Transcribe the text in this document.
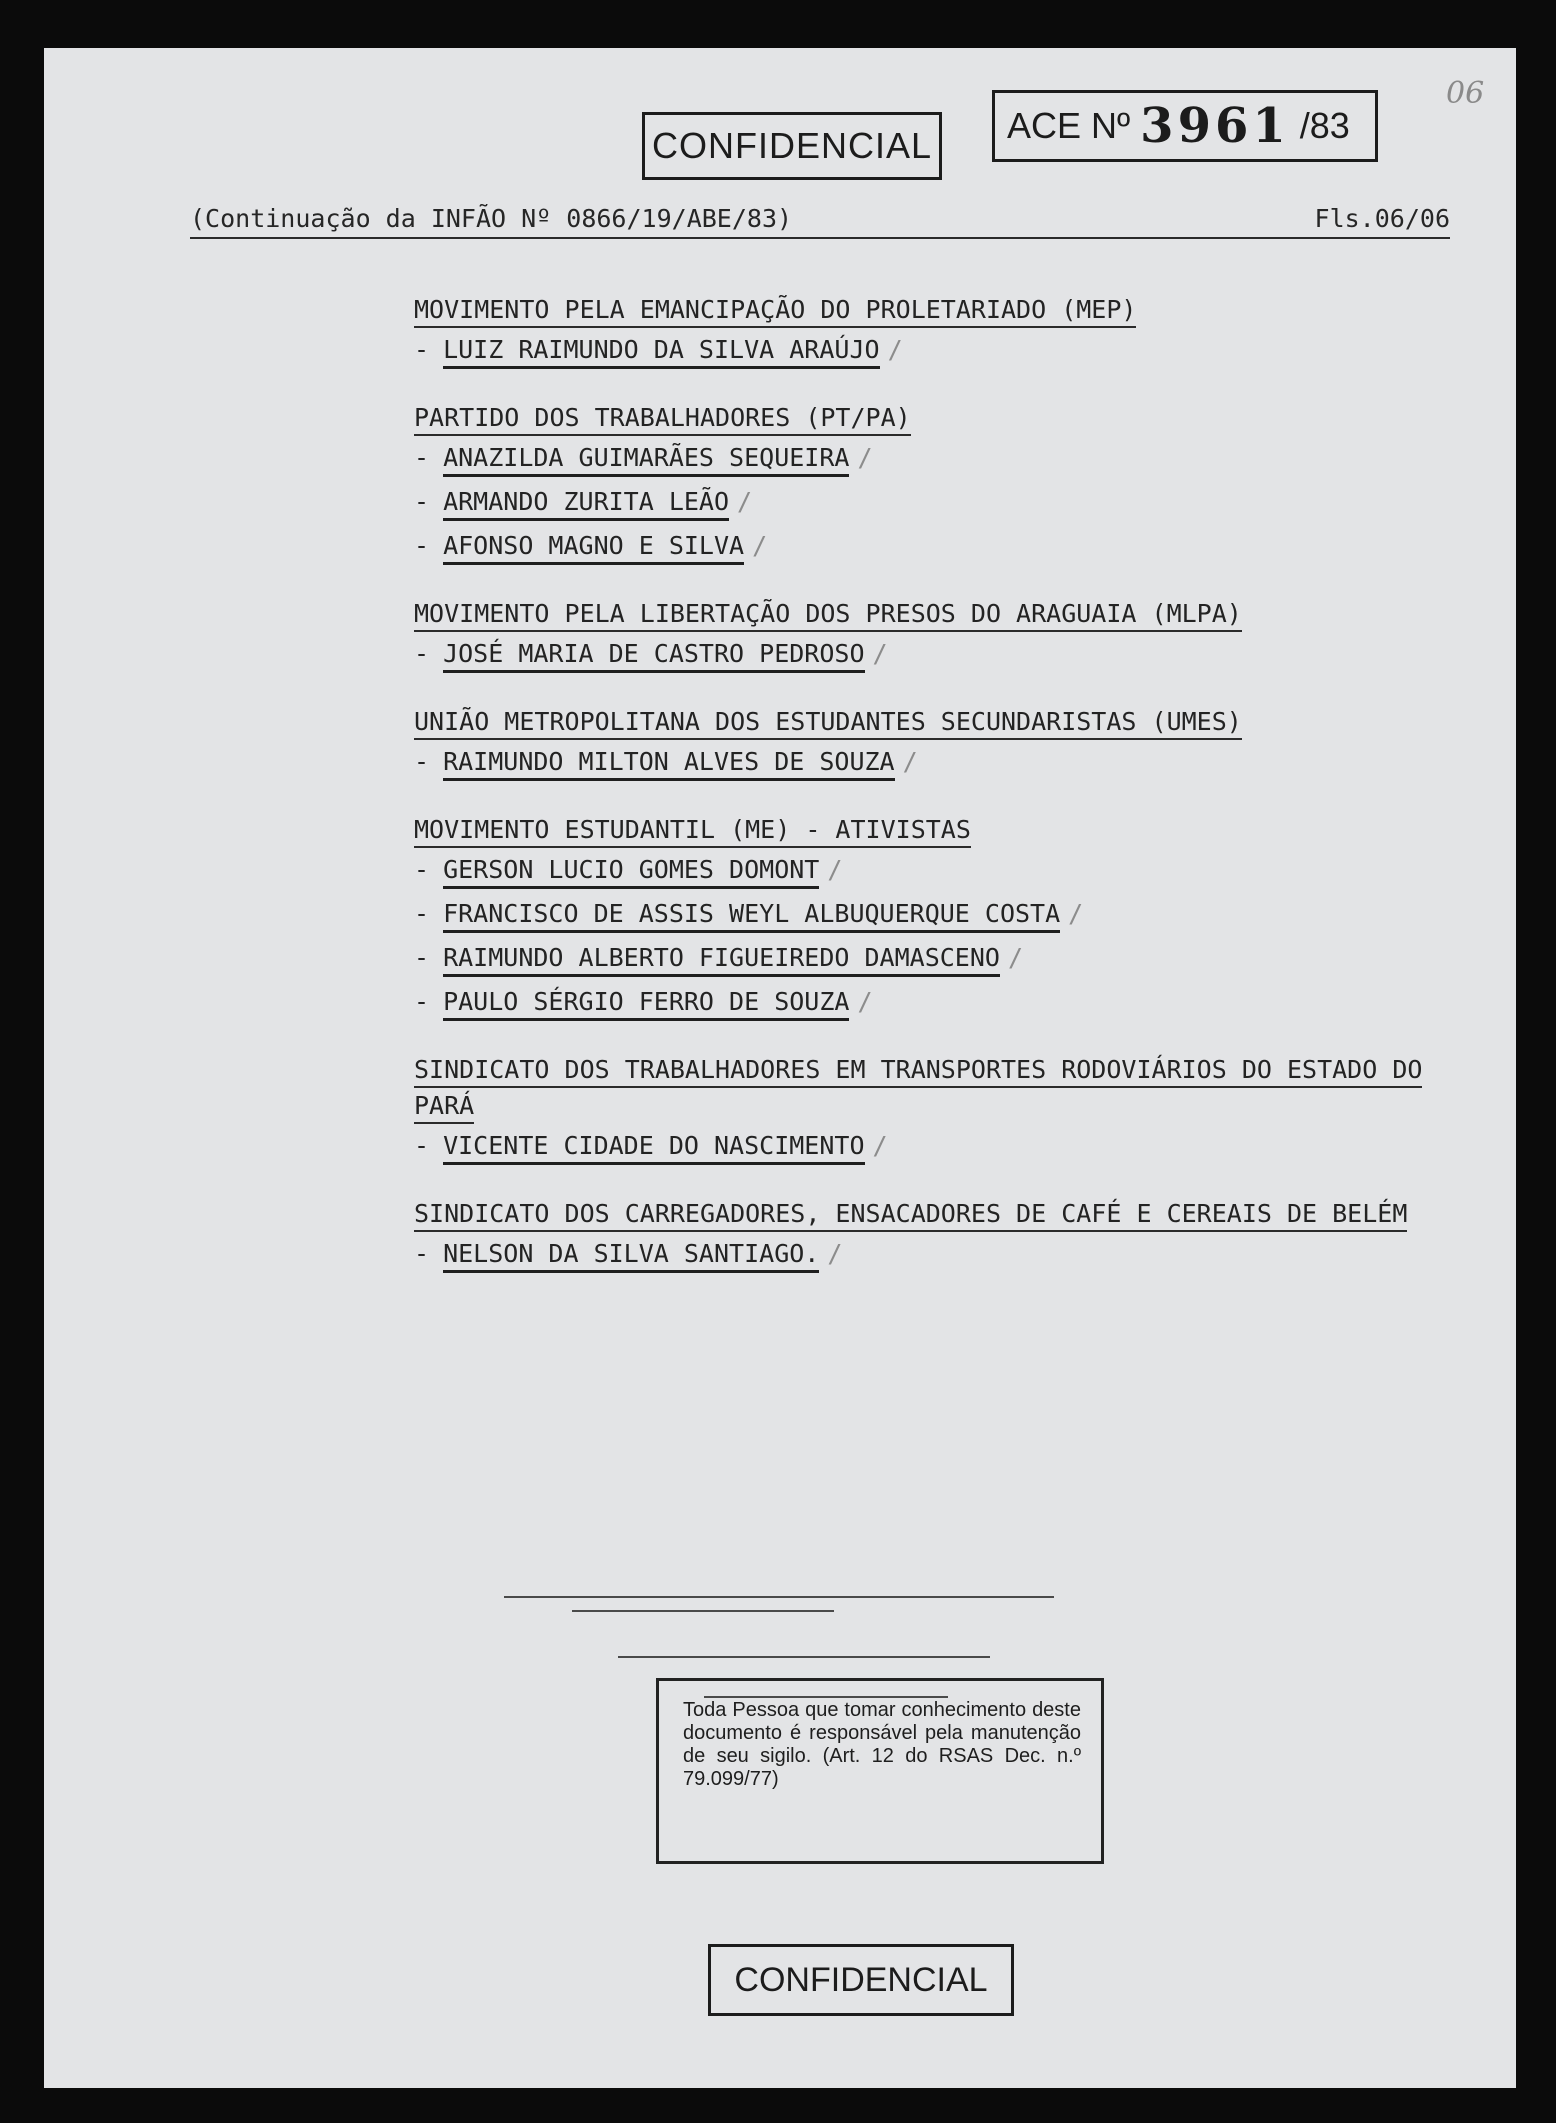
06
CONFIDENCIAL ACE Nº 3961 /83
(Continuação da INFÃO Nº 0866/19/ABE/83)	Fls.06/06
MOVIMENTO PELA EMANCIPAÇÃO DO PROLETARIADO (MEP)
- LUIZ RAIMUNDO DA SILVA ARAÚJO /
PARTIDO DOS TRABALHADORES (PT/PA)
- ANAZILDA GUIMARÃES SEQUEIRA /
- ARMANDO ZURITA LEÃO /
- AFONSO MAGNO E SILVA /
MOVIMENTO PELA LIBERTAÇÃO DOS PRESOS DO ARAGUAIA (MLPA)
- JOSÉ MARIA DE CASTRO PEDROSO /
UNIÃO METROPOLITANA DOS ESTUDANTES SECUNDARISTAS (UMES)
- RAIMUNDO MILTON ALVES DE SOUZA /
MOVIMENTO ESTUDANTIL (ME) - ATIVISTAS
- GERSON LUCIO GOMES DOMONT /
- FRANCISCO DE ASSIS WEYL ALBUQUERQUE COSTA /
- RAIMUNDO ALBERTO FIGUEIREDO DAMASCENO /
- PAULO SÉRGIO FERRO DE SOUZA /
SINDICATO DOS TRABALHADORES EM TRANSPORTES RODOVIÁRIOS DO ESTADO DO PARÁ
- VICENTE CIDADE DO NASCIMENTO /
SINDICATO DOS CARREGADORES, ENSACADORES DE CAFÉ E CEREAIS DE BELÉM
- NELSON DA SILVA SANTIAGO. /
Toda Pessoa que tomar conhecimento deste documento é responsável pela manutenção de seu sigilo. (Art. 12 do RSAS Dec. n.º 79.099/77)
CONFIDENCIAL
